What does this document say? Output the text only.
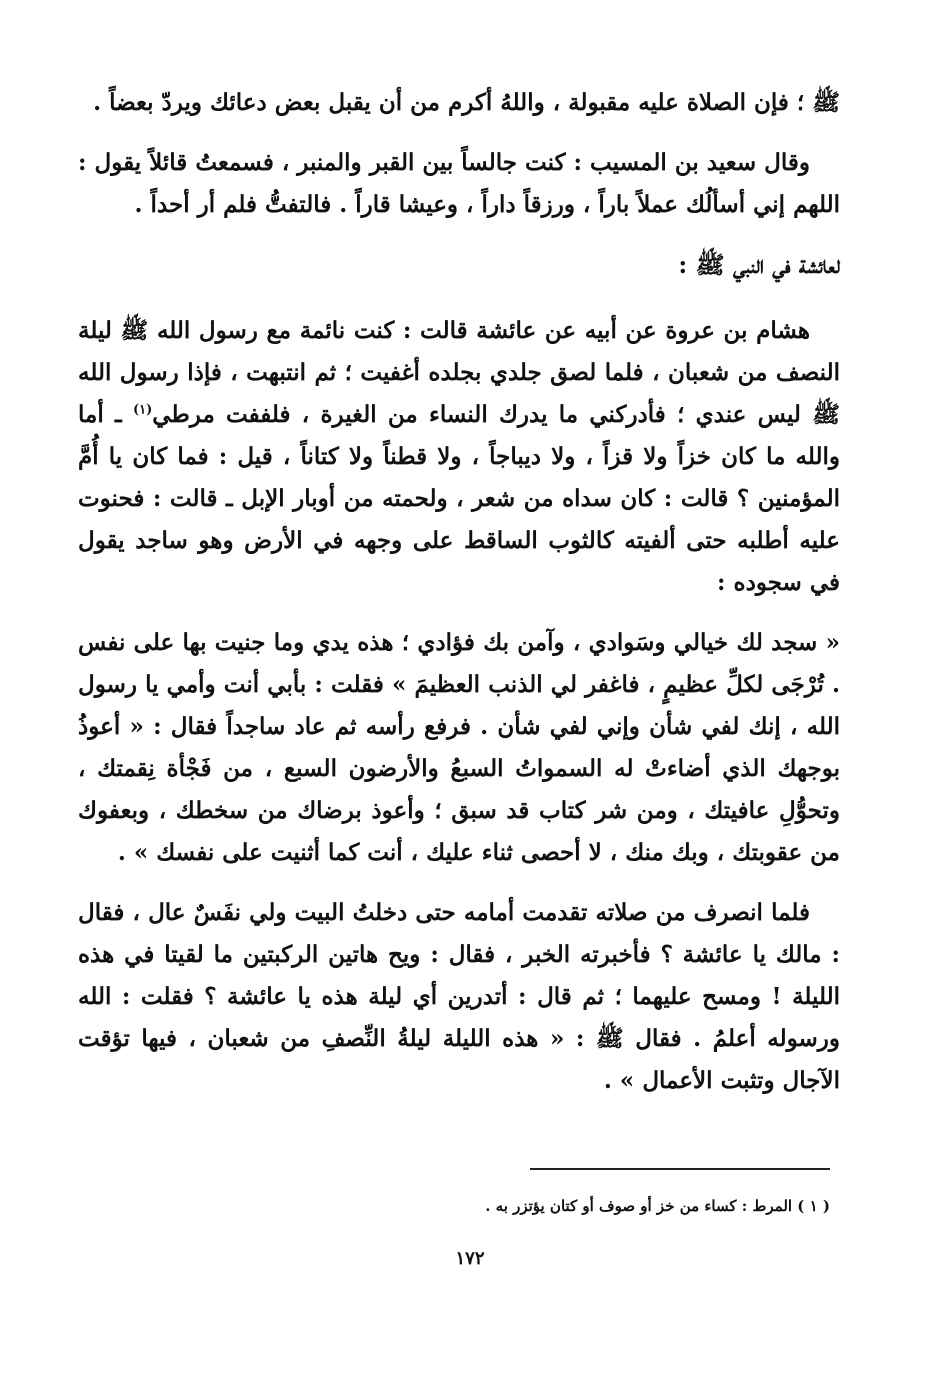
ﷺ ؛ فإن الصلاة عليه مقبولة ، واللهُ أكرم من أن يقبل بعض دعائك ويردّ بعضاً .

وقال سعيد بن المسيب : كنت جالساً بين القبر والمنبر ، فسمعتُ قائلاً يقول : اللهم إني أسألُك عملاً باراً ، ورزقاً داراً ، وعيشا قاراً . فالتفتُّ فلم أر أحداً .

لعائشة في النبي ﷺ :

هشام بن عروة عن أبيه عن عائشة قالت : كنت نائمة مع رسول الله ﷺ ليلة النصف من شعبان ، فلما لصق جلدي بجلده أغفيت ؛ ثم انتبهت ، فإذا رسول الله ﷺ ليس عندي ؛ فأدركني ما يدرك النساء من الغيرة ، فلففت مرطي$^{(١)}$ ـ أما والله ما كان خزاً ولا قزاً ، ولا ديباجاً ، ولا قطناً ولا كتاناً ، قيل : فما كان يا أُمَّ المؤمنين ؟ قالت : كان سداه من شعر ، ولحمته من أوبار الإبل ـ قالت : فحنوت عليه أطلبه حتى ألفيته كالثوب الساقط على وجهه في الأرض وهو ساجد يقول في سجوده :

« سجد لك خيالي وسَوادي ، وآمن بك فؤادي ؛ هذه يدي وما جنيت بها على نفس . تُرْجَى لكلِّ عظيمٍ ، فاغفر لي الذنب العظيمَ » فقلت : بأبي أنت وأمي يا رسول الله ، إنك لفي شأن وإني لفي شأن . فرفع رأسه ثم عاد ساجداً فقال : « أعوذُ بوجهك الذي أضاءتْ له السمواتُ السبعُ والأرضون السبع ، من فَجْأة نِقمتك ، وتحوُّلِ عافيتك ، ومن شر كتاب قد سبق ؛ وأعوذ برضاك من سخطك ، وبعفوك من عقوبتك ، وبك منك ، لا أحصى ثناء عليك ، أنت كما أثنيت على نفسك » .

فلما انصرف من صلاته تقدمت أمامه حتى دخلتُ البيت ولي نفَسٌ عال ، فقال : مالك يا عائشة ؟ فأخبرته الخبر ، فقال : ويح هاتين الركبتين ما لقيتا في هذه الليلة ! ومسح عليهما ؛ ثم قال : أتدرين أي ليلة هذه يا عائشة ؟ فقلت : الله ورسوله أعلمُ . فقال ﷺ : « هذه الليلة ليلةُ النِّصفِ من شعبان ، فيها تؤقت الآجال وتثبت الأعمال » .

( ١ ) المرط : كساء من خز أو صوف أو كتان يؤتزر به .
١٧٢
